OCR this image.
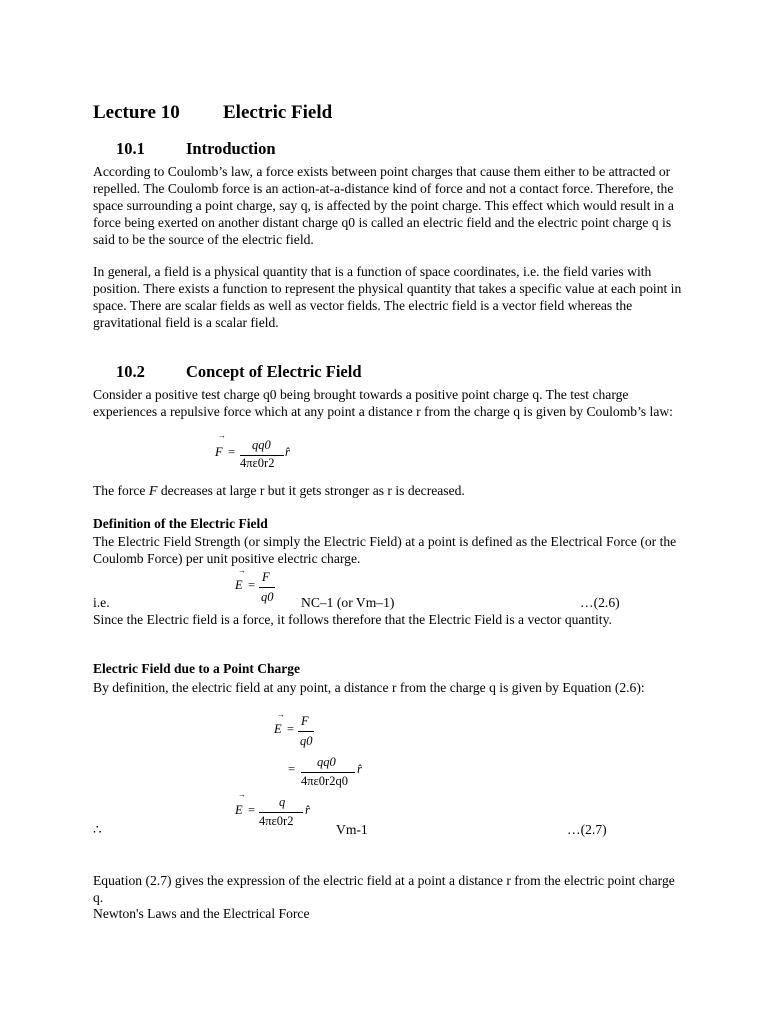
Lecture 10 Electric Field
10.1 Introduction
According to Coulomb’s law, a force exists between point charges that cause them either to be attracted or repelled. The Coulomb force is an action-at-a-distance kind of force and not a contact force. Therefore, the space surrounding a point charge, say q, is affected by the point charge. This effect which would result in a force being exerted on another distant charge q0 is called an electric field and the electric point charge q is said to be the source of the electric field.
In general, a field is a physical quantity that is a function of space coordinates, i.e. the field varies with position. There exists a function to represent the physical quantity that takes a specific value at each point in space. There are scalar fields as well as vector fields. The electric field is a vector field whereas the gravitational field is a scalar field.
10.2 Concept of Electric Field
Consider a positive test charge q0 being brought towards a positive point charge q. The test charge experiences a repulsive force which at any point a distance r from the charge q is given by Coulomb’s law:
→
F = qq0
4πε0r2
r̂
The force F decreases at large r but it gets stronger as r is decreased.
Definition of the Electric Field
The Electric Field Strength (or simply the Electric Field) at a point is defined as the Electrical Force (or the Coulomb Force) per unit positive electric charge.
→
E =
F
q0
i.e.	NC–1 (or Vm–1)	…(2.6)
Since the Electric field is a force, it follows therefore that the Electric Field is a vector quantity.
Electric Field due to a Point Charge
By definition, the electric field at any point, a distance r from the charge q is given by Equation (2.6):
→
E =
F
q0
= qq0
4πε0r2q0
r̂
→
E =
q
4πε0r2
r̂
∴	Vm-1	…(2.7)
Equation (2.7) gives the expression of the electric field at a point a distance r from the electric point charge q.
Newton's Laws and the Electrical Force
